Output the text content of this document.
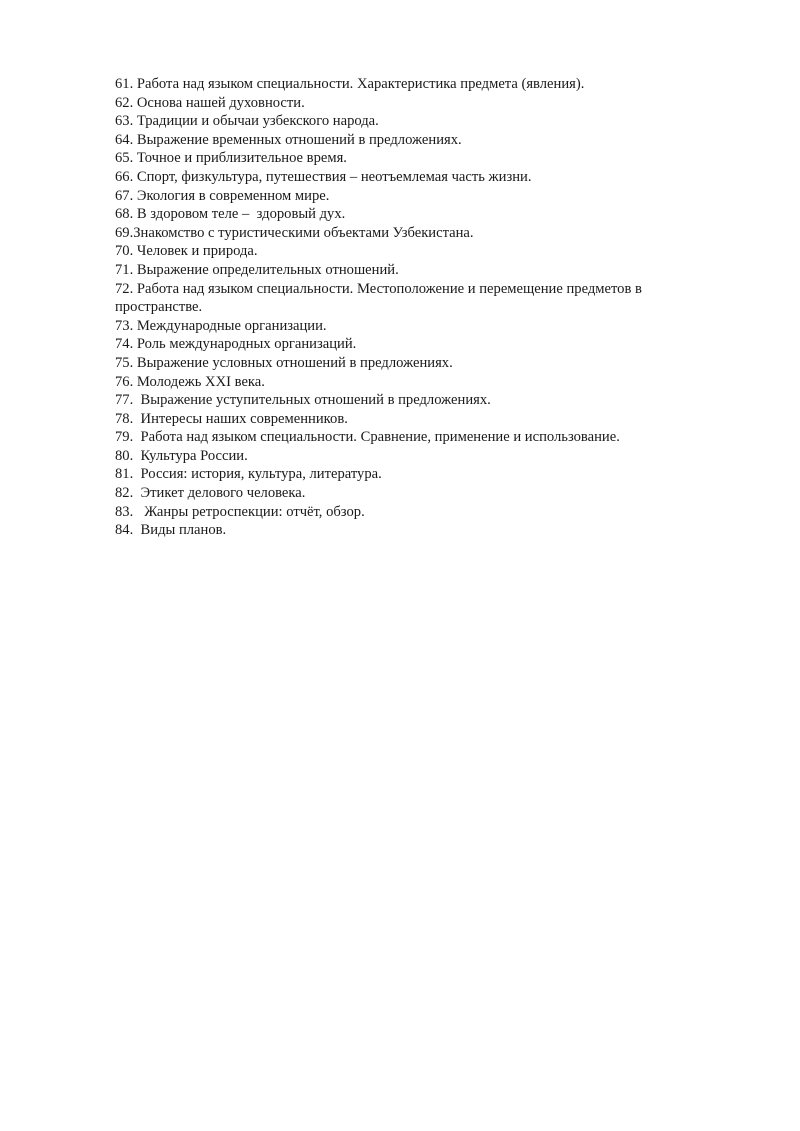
61. Работа над языком специальности. Характеристика предмета (явления).

62. Основа нашей духовности.

63. Традиции и обычаи узбекского народа.

64. Выражение временных отношений в предложениях.

65. Точное и приблизительное время.

66. Спорт, физкультура, путешествия – неотъемлемая часть жизни.

67. Экология в современном мире.

68. В здоровом теле –  здоровый дух.

69.Знакомство с туристическими объектами Узбекистана.

70. Человек и природа.

71. Выражение определительных отношений.

72. Работа над языком специальности. Местоположение и перемещение предметов в пространстве.

73. Международные организации.

74. Роль международных организаций.

75. Выражение условных отношений в предложениях.

76. Молодежь XXI века.

77.  Выражение уступительных отношений в предложениях.

78.  Интересы наших современников.

79.  Работа над языком специальности. Сравнение, применение и использование.

80.  Культура России.

81.  Россия: история, культура, литература.

82.  Этикет делового человека.

83.   Жанры ретроспекции: отчёт, обзор.

84.  Виды планов.
